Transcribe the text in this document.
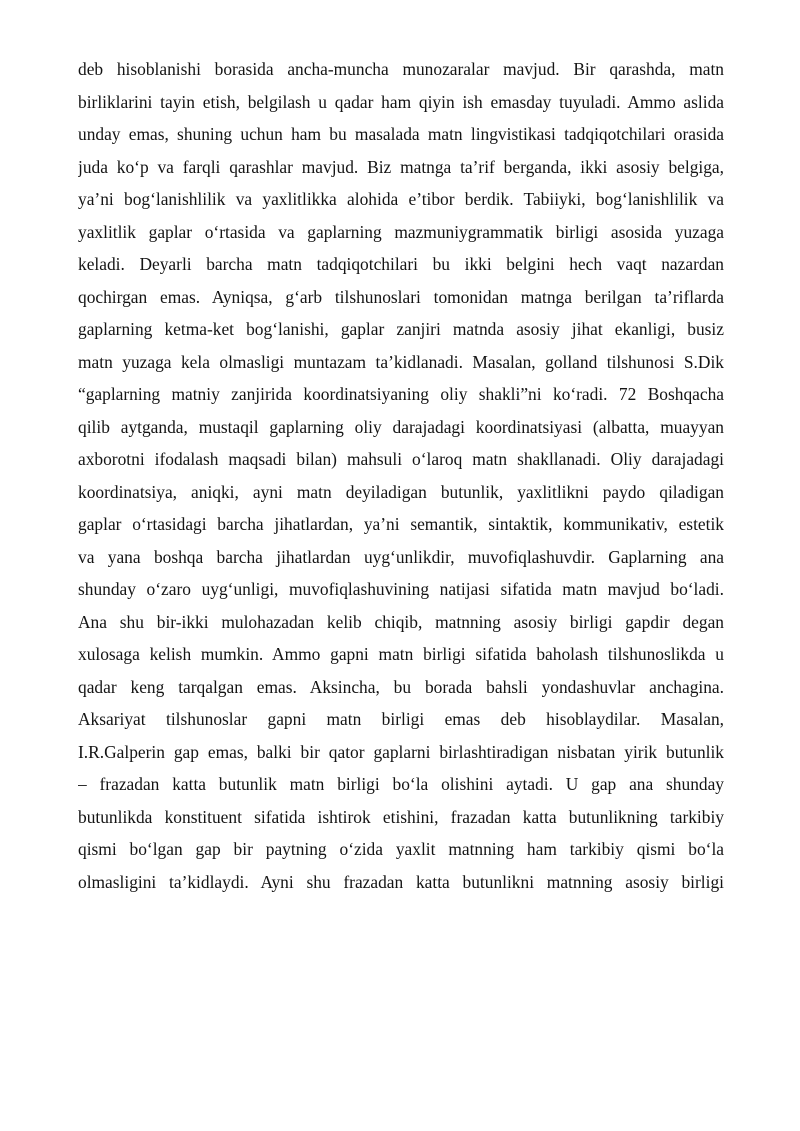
deb hisoblanishi borasida ancha-muncha munozaralar mavjud. Bir qarashda, matn
birliklarini tayin etish, belgilash u qadar ham qiyin ish emasday tuyuladi. Ammo aslida
unday emas, shuning uchun ham bu masalada matn lingvistikasi tadqiqotchilari orasida
juda ko‘p va farqli qarashlar mavjud. Biz matnga ta’rif berganda, ikki asosiy belgiga,
ya’ni bog‘lanishlilik va yaxlitlikka alohida e’tibor berdik. Tabiiyki, bog‘lanishlilik va
yaxlitlik gaplar o‘rtasida va gaplarning mazmuniygrammatik birligi asosida yuzaga
keladi. Deyarli barcha matn tadqiqotchilari bu ikki belgini hech vaqt nazardan
qochirgan emas. Ayniqsa, g‘arb tilshunoslari tomonidan matnga berilgan ta’riflarda
gaplarning ketma-ket bog‘lanishi, gaplar zanjiri matnda asosiy jihat ekanligi, busiz
matn yuzaga kela olmasligi muntazam ta’kidlanadi. Masalan, golland tilshunosi S.Dik
“gaplarning matniy zanjirida koordinatsiyaning oliy shakli”ni ko‘radi. 72 Boshqacha
qilib aytganda, mustaqil gaplarning oliy darajadagi koordinatsiyasi (albatta, muayyan
axborotni ifodalash maqsadi bilan) mahsuli o‘laroq matn shakllanadi. Oliy darajadagi
koordinatsiya, aniqki, ayni matn deyiladigan butunlik, yaxlitlikni paydo qiladigan
gaplar o‘rtasidagi barcha jihatlardan, ya’ni semantik, sintaktik, kommunikativ, estetik
va yana boshqa barcha jihatlardan uyg‘unlikdir, muvofiqlashuvdir. Gaplarning ana
shunday o‘zaro uyg‘unligi, muvofiqlashuvining natijasi sifatida matn mavjud bo‘ladi.
Ana shu bir-ikki mulohazadan kelib chiqib, matnning asosiy birligi gapdir degan
xulosaga kelish mumkin. Ammo gapni matn birligi sifatida baholash tilshunoslikda u
qadar keng tarqalgan emas. Aksincha, bu borada bahsli yondashuvlar anchagina.
Aksariyat tilshunoslar gapni matn birligi emas deb hisoblaydilar. Masalan,
I.R.Galperin gap emas, balki bir qator gaplarni birlashtiradigan nisbatan yirik butunlik
– frazadan katta butunlik matn birligi bo‘la olishini aytadi. U gap ana shunday
butunlikda konstituent sifatida ishtirok etishini, frazadan katta butunlikning tarkibiy
qismi bo‘lgan gap bir paytning o‘zida yaxlit matnning ham tarkibiy qismi bo‘la
olmasligini ta’kidlaydi. Ayni shu frazadan katta butunlikni matnning asosiy birligi
